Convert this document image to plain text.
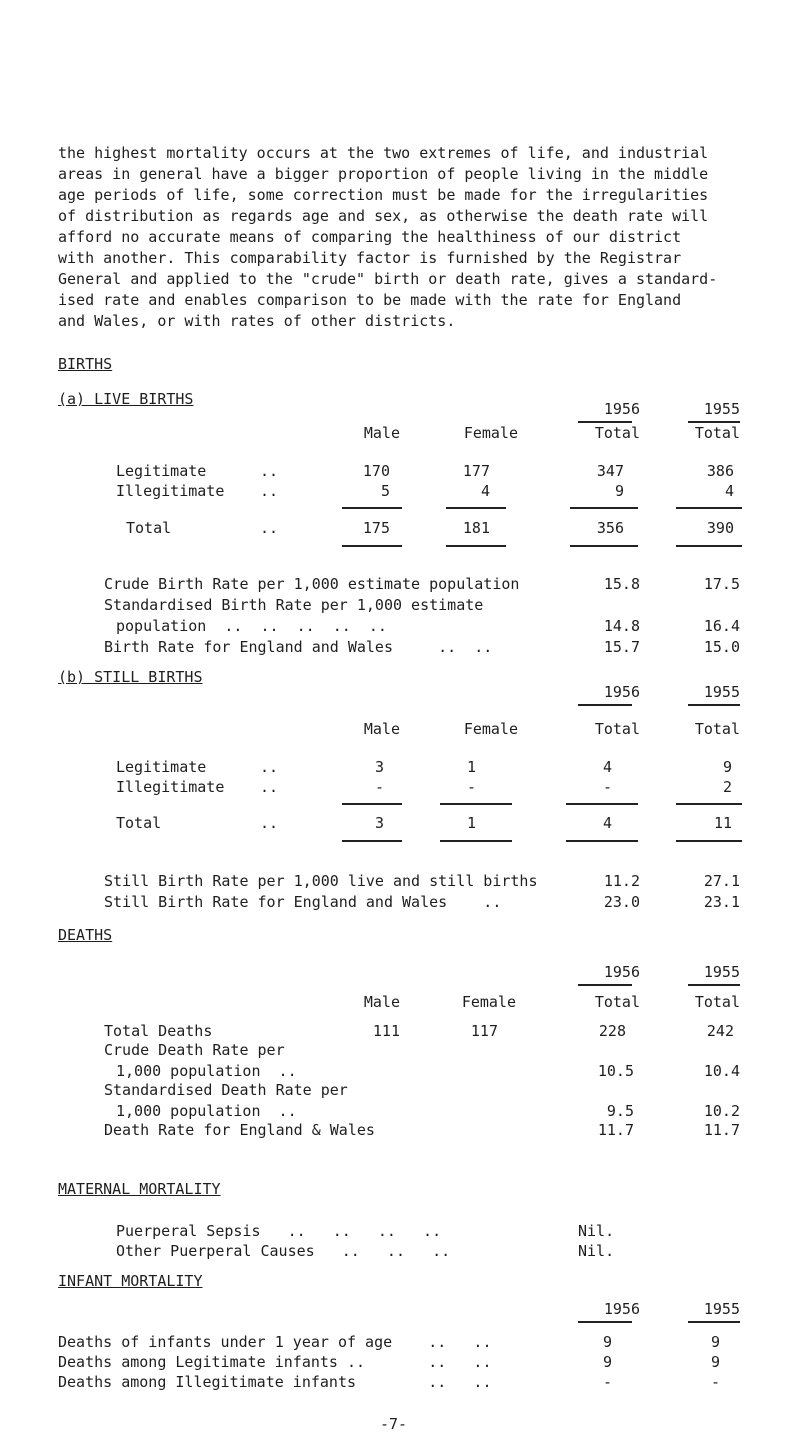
the highest mortality occurs at the two extremes of life, and industrial
areas in general have a bigger proportion of people living in the middle
age periods of life, some correction must be made for the irregularities
of distribution as regards age and sex, as otherwise the death rate will
afford no accurate means of comparing the healthiness of our district
with another. This comparability factor is furnished by the Registrar
General and applied to the "crude" birth or death rate, gives a standard-
ised rate and enables comparison to be made with the rate for England
and Wales, or with rates of other districts.
BIRTHS
(a) LIVE BIRTHS
1956	1955
Male	Female	Total	Total
Legitimate	..	170	177	347	386
Illegitimate ..	5	4	9	4
Total	..	175	181	356	390
Crude Birth Rate per 1,000 estimate population	15.8	17.5
Standardised Birth Rate per 1,000 estimate
population  ..  ..  ..  ..  ..	14.8	16.4
Birth Rate for England and Wales     ..  ..	15.7	15.0
(b) STILL BIRTHS
1956	1955
Male	Female	Total	Total
Legitimate	..	3	1	4	9
Illegitimate ..	-	-	-	2
Total	..	3	1	4	11
Still Birth Rate per 1,000 live and still births	11.2	27.1
Still Birth Rate for England and Wales    ..	23.0	23.1
DEATHS
1956	1955
Male	Female	Total	Total
Total Deaths	111	117	228	242
Crude Death Rate per
1,000 population  ..	10.5	10.4
Standardised Death Rate per
1,000 population  ..	9.5	10.2
Death Rate for England & Wales	11.7	11.7
MATERNAL MORTALITY
Puerperal Sepsis   ..   ..   ..   ..	Nil.
Other Puerperal Causes   ..   ..   ..	Nil.
INFANT MORTALITY
1956	1955
Deaths of infants under 1 year of age    ..   ..	9	9
Deaths among Legitimate infants ..       ..   ..	9	9
Deaths among Illegitimate infants        ..   ..	-	-
-7-
